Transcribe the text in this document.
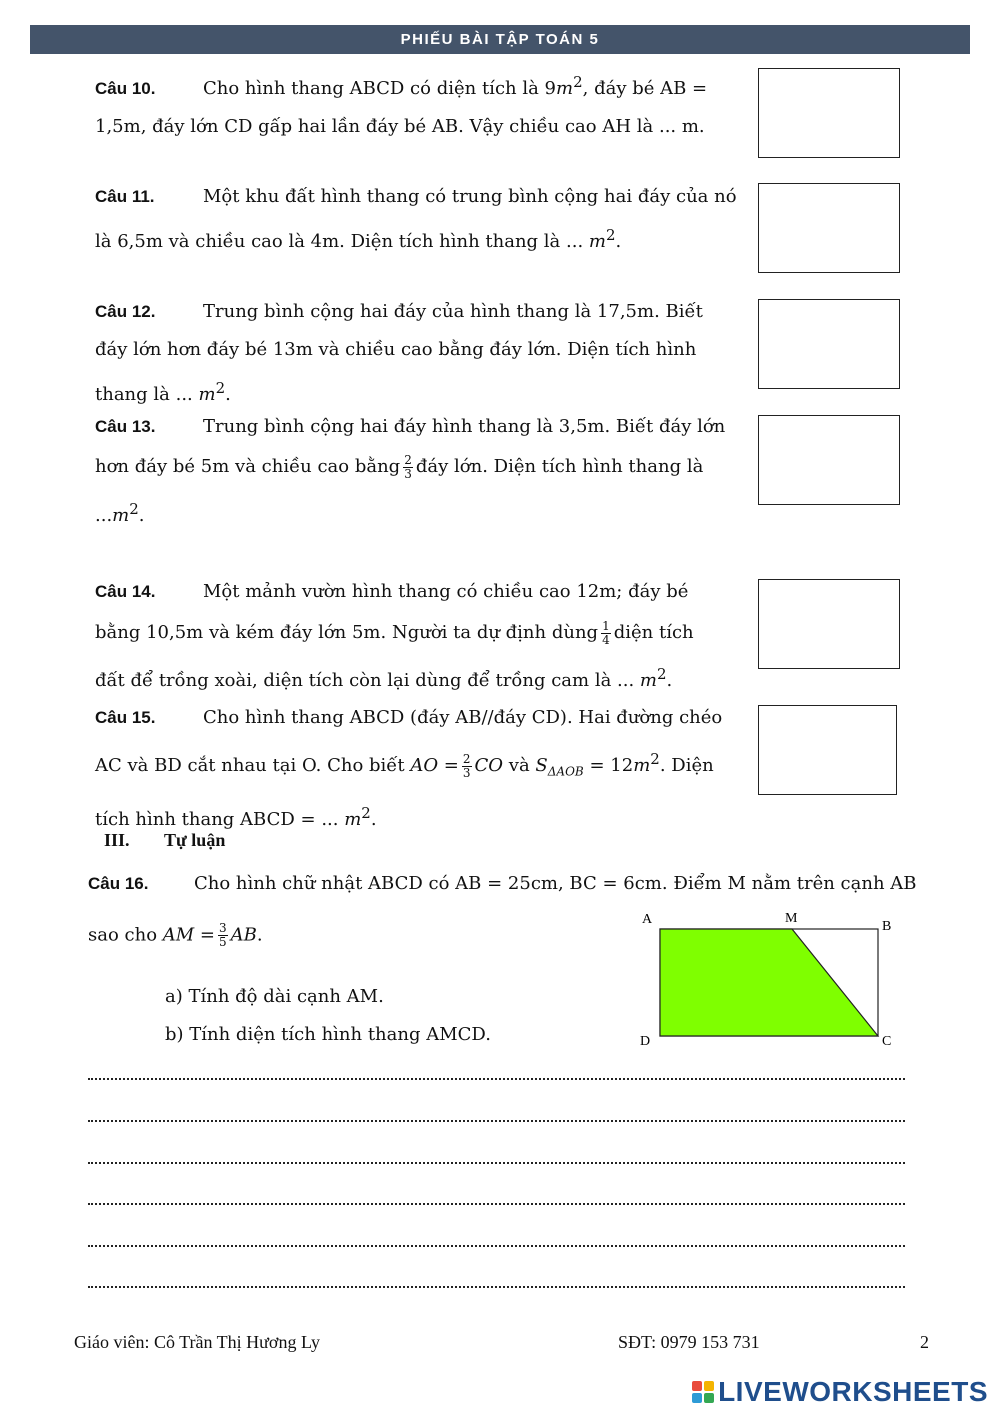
PHIẾU BÀI TẬP TOÁN 5
Câu 10.	Cho hình thang ABCD có diện tích là $9m^2$, đáy bé AB =
1,5m, đáy lớn CD gấp hai lần đáy bé AB. Vậy chiều cao AH là ... m.
Câu 11.	Một khu đất hình thang có trung bình cộng hai đáy của nó
là 6,5m và chiều cao là 4m. Diện tích hình thang là ... $m^2$.
Câu 12.	Trung bình cộng hai đáy của hình thang là 17,5m. Biết
đáy lớn hơn đáy bé 13m và chiều cao bằng đáy lớn. Diện tích hình
thang là ... $m^2$.
Câu 13.	Trung bình cộng hai đáy hình thang là 3,5m. Biết đáy lớn
hơn đáy bé 5m và chiều cao bằng $\frac{2}{3}$ đáy lớn. Diện tích hình thang là
$...m^2$.
Câu 14.	Một mảnh vườn hình thang có chiều cao 12m; đáy bé
bằng 10,5m và kém đáy lớn 5m. Người ta dự định dùng $\frac{1}{4}$ diện tích
đất để trồng xoài, diện tích còn lại dùng để trồng cam là ... $m^2$.
Câu 15.	Cho hình thang ABCD (đáy AB//đáy CD). Hai đường chéo
AC và BD cắt nhau tại O. Cho biết AO = $\frac{2}{3}$ CO và $S_{\Delta AOB} = 12m^2$. Diện
tích hình thang ABCD = ... $m^2$.
III. Tự luận
Câu 16.	Cho hình chữ nhật ABCD có AB = 25cm, BC = 6cm. Điểm M nằm trên cạnh AB
sao cho AM = $\frac{3}{5}$ AB.
a) Tính độ dài cạnh AM.
b) Tính diện tích hình thang AMCD.
A	M
B
C
D
Giáo viên: Cô Trần Thị Hương Ly	SĐT: 0979 153 731	2
LIVEWORKSHEETS
